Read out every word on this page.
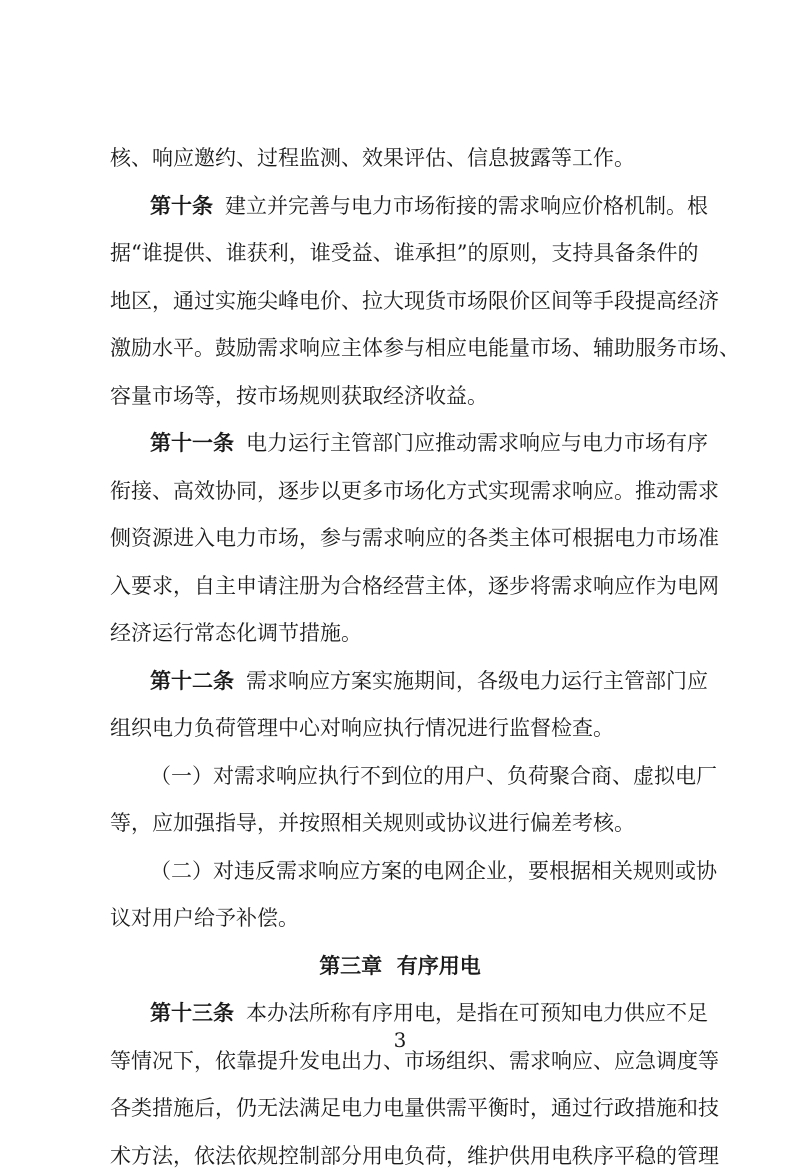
核、响应邀约、过程监测、效果评估、信息披露等工作。
第十条 建立并完善与电力市场衔接的需求响应价格机制。根
据“谁提供、谁获利，谁受益、谁承担”的原则，支持具备条件的
地区，通过实施尖峰电价、拉大现货市场限价区间等手段提高经济
激励水平。鼓励需求响应主体参与相应电能量市场、辅助服务市场、
容量市场等，按市场规则获取经济收益。
第十一条 电力运行主管部门应推动需求响应与电力市场有序
衔接、高效协同，逐步以更多市场化方式实现需求响应。推动需求
侧资源进入电力市场，参与需求响应的各类主体可根据电力市场准
入要求，自主申请注册为合格经营主体，逐步将需求响应作为电网
经济运行常态化调节措施。
第十二条 需求响应方案实施期间，各级电力运行主管部门应
组织电力负荷管理中心对响应执行情况进行监督检查。
（一）对需求响应执行不到位的用户、负荷聚合商、虚拟电厂
等，应加强指导，并按照相关规则或协议进行偏差考核。
（二）对违反需求响应方案的电网企业，要根据相关规则或协
议对用户给予补偿。
第三章  有序用电
第十三条 本办法所称有序用电，是指在可预知电力供应不足
等情况下，依靠提升发电出力、市场组织、需求响应、应急调度等
各类措施后，仍无法满足电力电量供需平衡时，通过行政措施和技
术方法，依法依规控制部分用电负荷，维护供用电秩序平稳的管理
3
